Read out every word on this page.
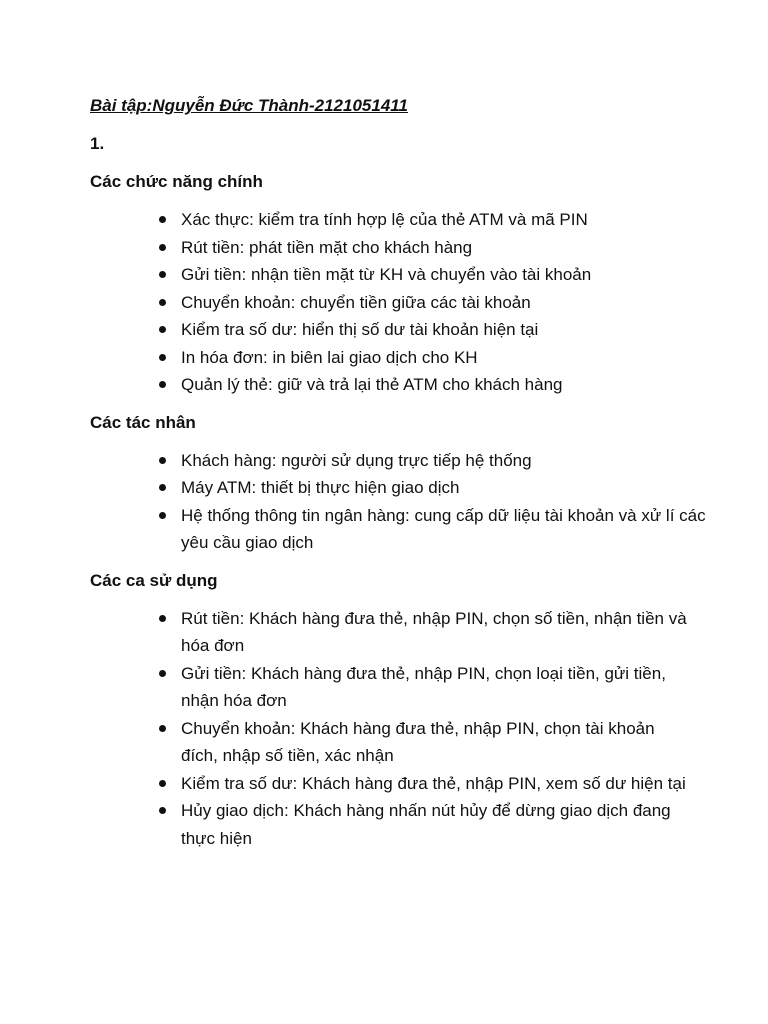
Bài tập:Nguyễn Đức Thành-2121051411
1.
Các chức năng chính
Xác thực: kiểm tra tính hợp lệ của thẻ ATM và mã PIN
Rút tiền: phát tiền mặt cho khách hàng
Gửi tiền: nhận tiền mặt từ KH và chuyển vào tài khoản
Chuyển khoản: chuyển tiền giữa các tài khoản
Kiểm tra số dư: hiển thị số dư tài khoản hiện tại
In hóa đơn: in biên lai giao dịch cho KH
Quản lý thẻ: giữ và trả lại thẻ ATM cho khách hàng
Các tác nhân
Khách hàng: người sử dụng trực tiếp hệ thống
Máy ATM: thiết bị thực hiện giao dịch
Hệ thống thông tin ngân hàng: cung cấp dữ liệu tài khoản và xử lí các yêu cầu giao dịch
Các ca sử dụng
Rút tiền: Khách hàng đưa thẻ, nhập PIN, chọn số tiền, nhận tiền và hóa đơn
Gửi tiền: Khách hàng đưa thẻ, nhập PIN, chọn loại tiền, gửi tiền, nhận hóa đơn
Chuyển khoản: Khách hàng đưa thẻ, nhập PIN, chọn tài khoản đích, nhập số tiền, xác nhận
Kiểm tra số dư: Khách hàng đưa thẻ, nhập PIN, xem số dư hiện tại
Hủy giao dịch: Khách hàng nhấn nút hủy để dừng giao dịch đang thực hiện
